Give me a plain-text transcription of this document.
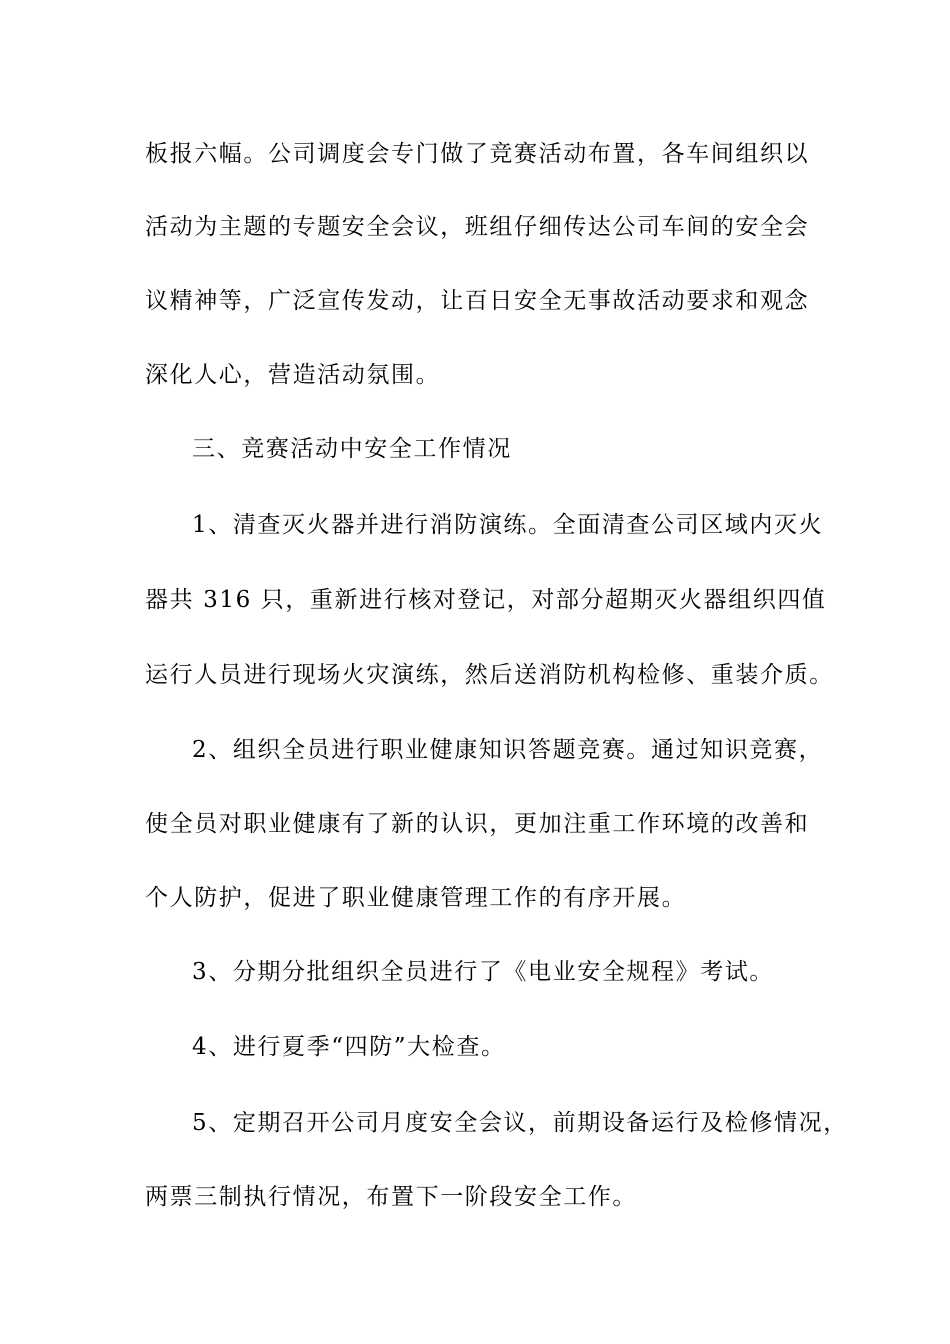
板报六幅。公司调度会专门做了竞赛活动布置，各车间组织以

活动为主题的专题安全会议，班组仔细传达公司车间的安全会

议精神等，广泛宣传发动，让百日安全无事故活动要求和观念

深化人心，营造活动氛围。

三、竞赛活动中安全工作情况

1、清查灭火器并进行消防演练。全面清查公司区域内灭火

器共 316 只，重新进行核对登记，对部分超期灭火器组织四值

运行人员进行现场火灾演练，然后送消防机构检修、重装介质。

2、组织全员进行职业健康知识答题竞赛。通过知识竞赛，

使全员对职业健康有了新的认识，更加注重工作环境的改善和

个人防护，促进了职业健康管理工作的有序开展。

3、分期分批组织全员进行了《电业安全规程》考试。

4、进行夏季“四防”大检查。

5、定期召开公司月度安全会议，前期设备运行及检修情况，

两票三制执行情况，布置下一阶段安全工作。
